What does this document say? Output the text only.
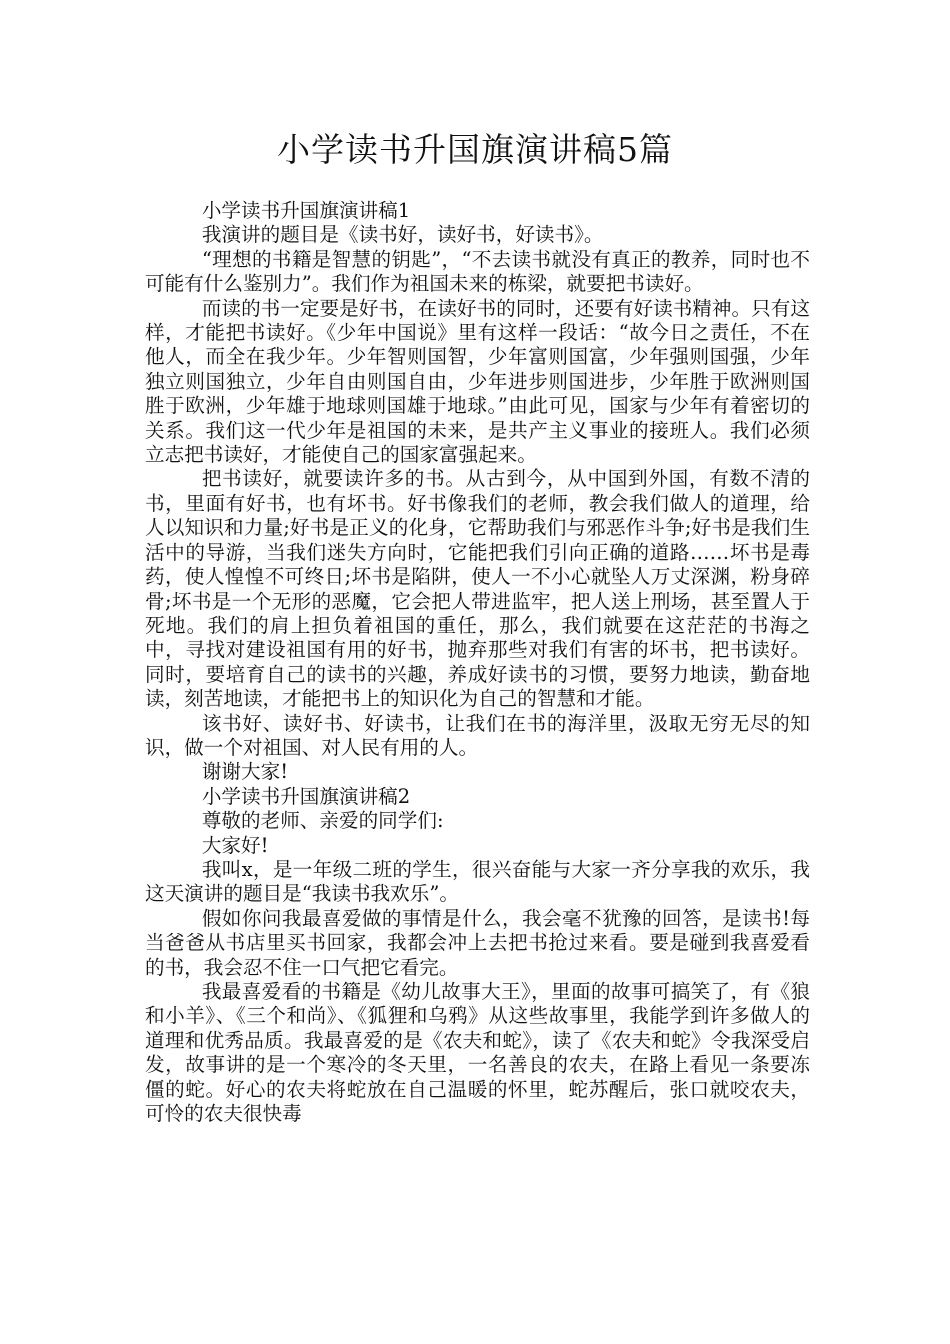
小学读书升国旗演讲稿5篇

小学读书升国旗演讲稿1

我演讲的题目是《读书好，读好书，好读书》。

“理想的书籍是智慧的钥匙”，“不去读书就没有真正的教养，同时也不可能有什么鉴别力”。我们作为祖国未来的栋梁，就要把书读好。

而读的书一定要是好书，在读好书的同时，还要有好读书精神。只有这样，才能把书读好。《少年中国说》里有这样一段话：“故今日之责任，不在他人，而全在我少年。少年智则国智，少年富则国富，少年强则国强，少年独立则国独立，少年自由则国自由，少年进步则国进步，少年胜于欧洲则国胜于欧洲，少年雄于地球则国雄于地球。”由此可见，国家与少年有着密切的关系。我们这一代少年是祖国的未来，是共产主义事业的接班人。我们必须立志把书读好，才能使自己的国家富强起来。

把书读好，就要读许多的书。从古到今，从中国到外国，有数不清的书，里面有好书，也有坏书。好书像我们的老师，教会我们做人的道理，给人以知识和力量;好书是正义的化身，它帮助我们与邪恶作斗争;好书是我们生活中的导游，当我们迷失方向时，它能把我们引向正确的道路……坏书是毒药，使人惶惶不可终日;坏书是陷阱，使人一不小心就坠人万丈深渊，粉身碎骨;坏书是一个无形的恶魔，它会把人带进监牢，把人送上刑场，甚至置人于死地。我们的肩上担负着祖国的重任，那么，我们就要在这茫茫的书海之中，寻找对建设祖国有用的好书，抛弃那些对我们有害的坏书，把书读好。同时，要培育自己的读书的兴趣，养成好读书的习惯，要努力地读，勤奋地读，刻苦地读，才能把书上的知识化为自己的智慧和才能。

该书好、读好书、好读书，让我们在书的海洋里，汲取无穷无尽的知识，做一个对祖国、对人民有用的人。

谢谢大家!

小学读书升国旗演讲稿2

尊敬的老师、亲爱的同学们:

大家好!

我叫x，是一年级二班的学生，很兴奋能与大家一齐分享我的欢乐，我这天演讲的题目是“我读书我欢乐”。

假如你问我最喜爱做的事情是什么，我会毫不犹豫的回答，是读书!每当爸爸从书店里买书回家，我都会冲上去把书抢过来看。要是碰到我喜爱看的书，我会忍不住一口气把它看完。

我最喜爱看的书籍是《幼儿故事大王》，里面的故事可搞笑了，有《狼和小羊》、《三个和尚》、《狐狸和乌鸦》从这些故事里，我能学到许多做人的道理和优秀品质。我最喜爱的是《农夫和蛇》，读了《农夫和蛇》令我深受启发，故事讲的是一个寒冷的冬天里，一名善良的农夫，在路上看见一条要冻僵的蛇。好心的农夫将蛇放在自己温暖的怀里，蛇苏醒后，张口就咬农夫，可怜的农夫很快毒
